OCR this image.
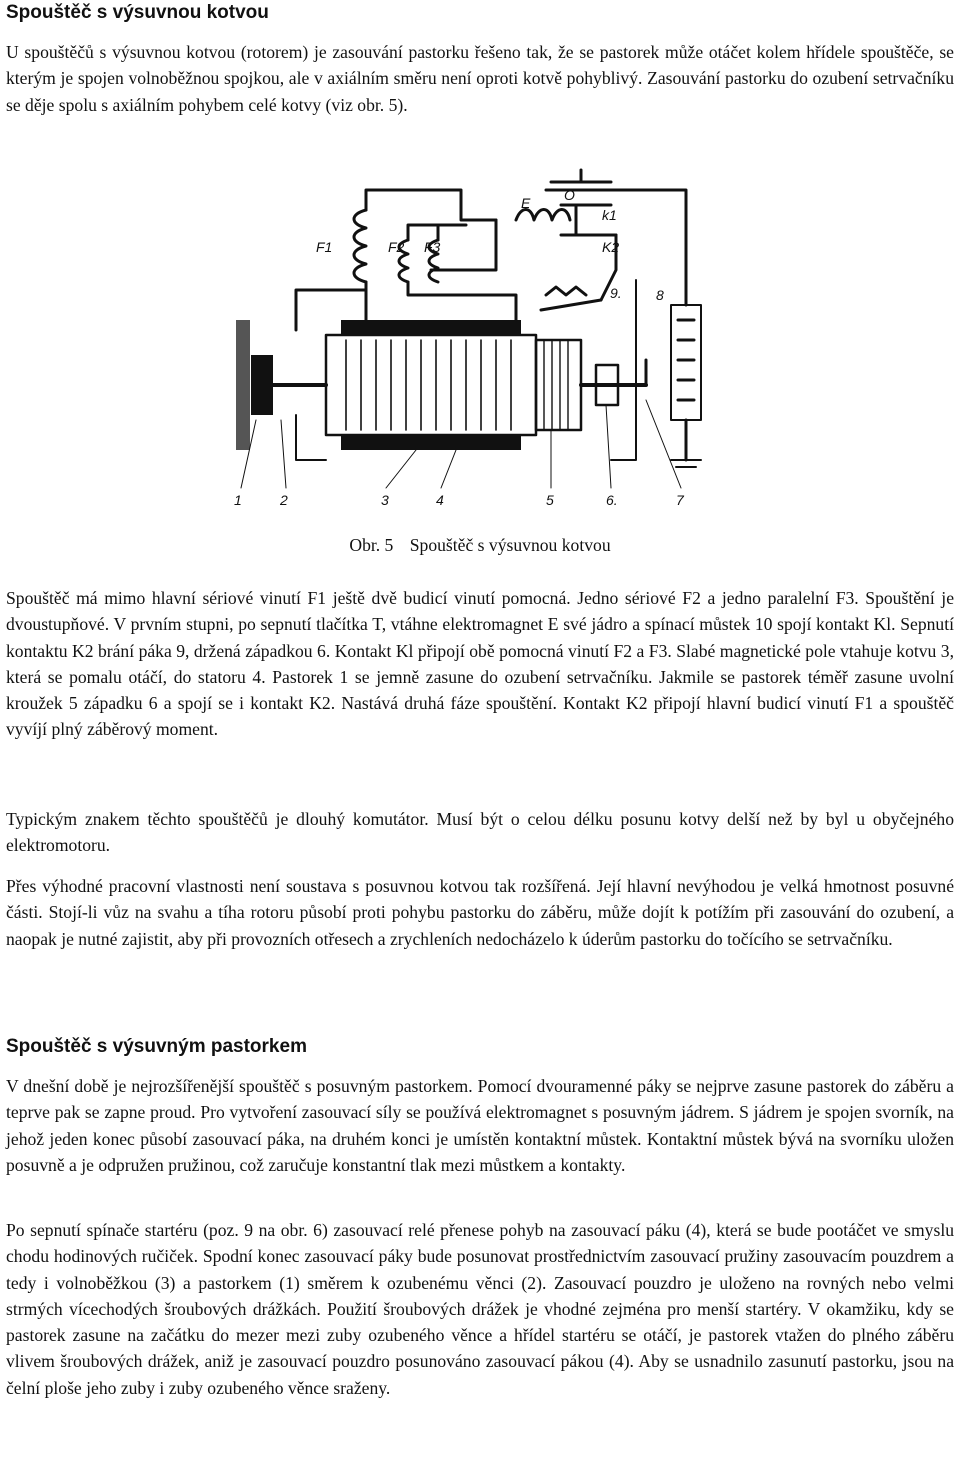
Spouštěč s výsuvnou kotvou

U spouštěčů s výsuvnou kotvou (rotorem) je zasouvání pastorku řešeno tak, že se pastorek může otáčet kolem hřídele spouštěče, se kterým je spojen volnoběžnou spojkou, ale v axiálním směru není oproti kotvě pohyblivý. Zasouvání pastorku do ozubení setrvačníku se děje spolu s axiálním pohybem celé kotvy (viz obr. 5).

F1	F2 F3
E O
k1
K2
9. 8
1	2	3	4	5	6.	7
Obr. 5 Spouštěč s výsuvnou kotvou

Spouštěč má mimo hlavní sériové vinutí F1 ještě dvě budicí vinutí pomocná. Jedno sériové F2 a jedno paralelní F3. Spouštění je dvoustupňové. V prvním stupni, po sepnutí tlačítka T, vtáhne elektromagnet E své jádro a spínací můstek 10 spojí kontakt Kl. Sepnutí kontaktu K2 brání páka 9, držená západkou 6. Kontakt Kl připojí obě pomocná vinutí F2 a F3. Slabé magnetické pole vtahuje kotvu 3, která se pomalu otáčí, do statoru 4. Pastorek 1 se jemně zasune do ozubení setrvačníku. Jakmile se pastorek téměř zasune uvolní kroužek 5 západku 6 a spojí se i kontakt K2. Nastává druhá fáze spouštění. Kontakt K2 připojí hlavní budicí vinutí F1 a spouštěč vyvíjí plný záběrový moment.

Typickým znakem těchto spouštěčů je dlouhý komutátor. Musí být o celou délku posunu kotvy delší než by byl u obyčejného elektromotoru.

Přes výhodné pracovní vlastnosti není soustava s posuvnou kotvou tak rozšířená. Její hlavní nevýhodou je velká hmotnost posuvné části. Stojí-li vůz na svahu a tíha rotoru působí proti pohybu pastorku do záběru, může dojít k potížím při zasouvání do ozubení, a naopak je nutné zajistit, aby při provozních otřesech a zrychleních nedocházelo k úderům pastorku do točícího se setrvačníku.

Spouštěč s výsuvným pastorkem

V dnešní době je nejrozšířenější spouštěč s posuvným pastorkem. Pomocí dvouramenné páky se nejprve zasune pastorek do záběru a teprve pak se zapne proud. Pro vytvoření zasouvací síly se používá elektromagnet s posuvným jádrem. S jádrem je spojen svorník, na jehož jeden konec působí zasouvací páka, na druhém konci je umístěn kontaktní můstek. Kontaktní můstek bývá na svorníku uložen posuvně a je odpružen pružinou, což zaručuje konstantní tlak mezi můstkem a kontakty.

Po sepnutí spínače startéru (poz. 9 na obr. 6) zasouvací relé přenese pohyb na zasouvací páku (4), která se bude pootáčet ve smyslu chodu hodinových ručiček. Spodní konec zasouvací páky bude posunovat prostřednictvím zasouvací pružiny zasouvacím pouzdrem a tedy i volnoběžkou (3) a pastorkem (1) směrem k ozubenému věnci (2). Zasouvací pouzdro je uloženo na rovných nebo velmi strmých vícechodých šroubových drážkách. Použití šroubových drážek je vhodné zejména pro menší startéry. V okamžiku, kdy se pastorek zasune na začátku do mezer mezi zuby ozubeného věnce a hřídel startéru se otáčí, je pastorek vtažen do plného záběru vlivem šroubových drážek, aniž je zasouvací pouzdro posunováno zasouvací pákou (4). Aby se usnadnilo zasunutí pastorku, jsou na čelní ploše jeho zuby i zuby ozubeného věnce sraženy.
